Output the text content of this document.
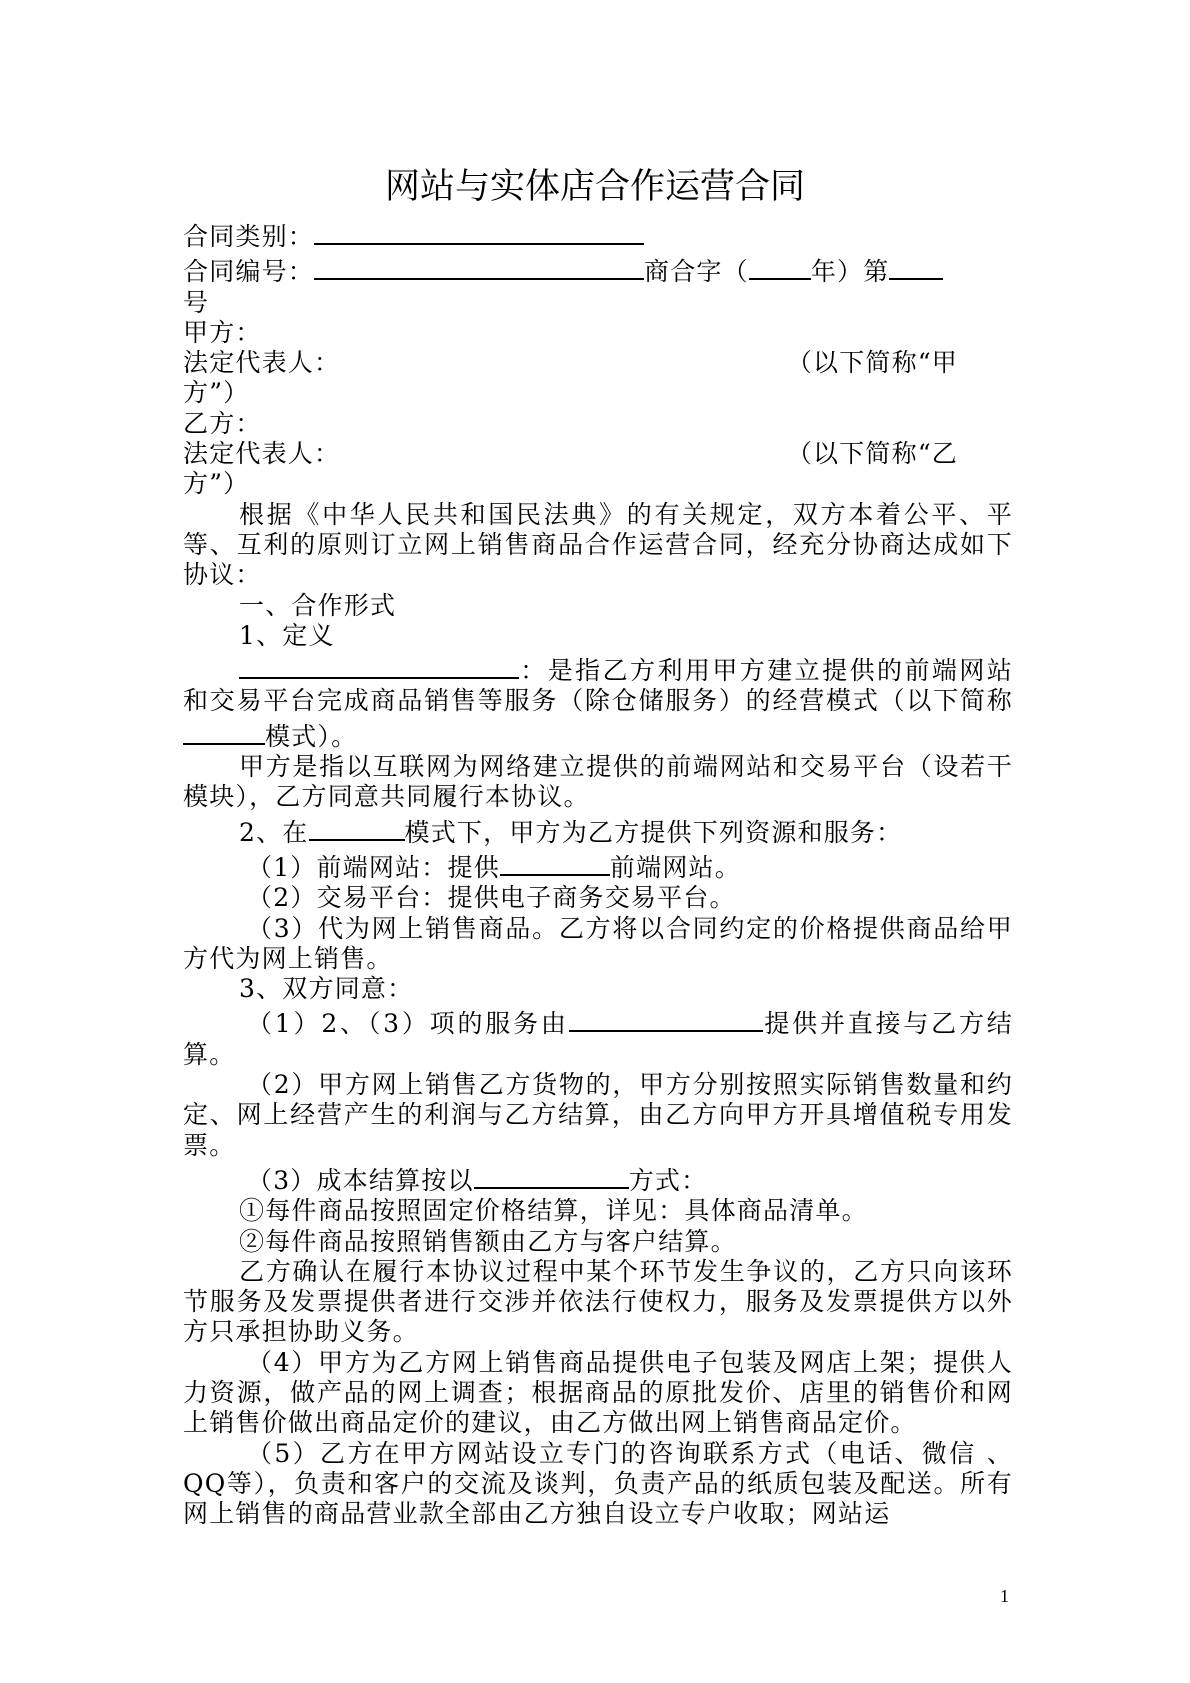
网站与实体店合作运营合同

合同类别：

合同编号：	商合字（ 年）第

号

甲方：

法定代表人：	（以下简称“甲

方”）

乙方：

法定代表人：	（以下简称“乙

方”）

根据《中华人民共和国民法典》的有关规定，双方本着公平、平等、互利的原则订立网上销售商品合作运营合同，经充分协商达成如下协议：

一、合作形式

1、定义

：是指乙方利用甲方建立提供的前端网站和交易平台完成商品销售等服务（除仓储服务）的经营模式（以下简称模式）。

甲方是指以互联网为网络建立提供的前端网站和交易平台（设若干模块），乙方同意共同履行本协议。

2、在	模式下，甲方为乙方提供下列资源和服务：

（1）前端网站：提供	前端网站。

（2）交易平台：提供电子商务交易平台。

（3）代为网上销售商品。乙方将以合同约定的价格提供商品给甲方代为网上销售。

3、双方同意：

（1）2、（3）项的服务由	提供并直接与乙方结算。

（2）甲方网上销售乙方货物的，甲方分别按照实际销售数量和约定、网上经营产生的利润与乙方结算，由乙方向甲方开具增值税专用发票。

（3）成本结算按以	方式：

①每件商品按照固定价格结算，详见：具体商品清单。

②每件商品按照销售额由乙方与客户结算。

乙方确认在履行本协议过程中某个环节发生争议的，乙方只向该环节服务及发票提供者进行交涉并依法行使权力，服务及发票提供方以外方只承担协助义务。

（4）甲方为乙方网上销售商品提供电子包装及网店上架；提供人力资源，做产品的网上调查；根据商品的原批发价、店里的销售价和网上销售价做出商品定价的建议，由乙方做出网上销售商品定价。

（5）乙方在甲方网站设立专门的咨询联系方式（电话、微信 、QQ等），负责和客户的交流及谈判，负责产品的纸质包装及配送。所有网上销售的商品营业款全部由乙方独自设立专户收取；网站运

1
